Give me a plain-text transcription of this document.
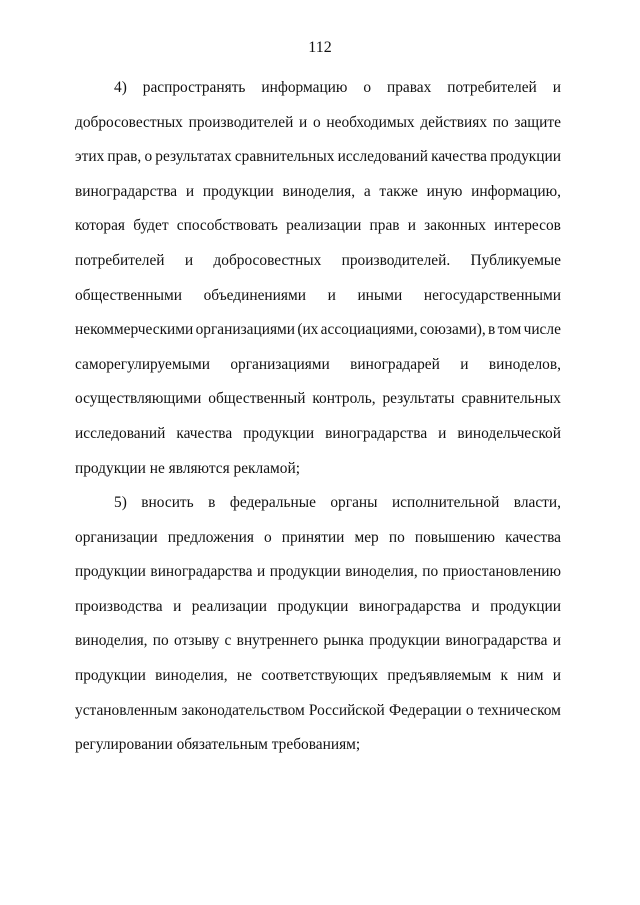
112
4) распространять информацию о правах потребителей и
добросовестных производителей и о необходимых действиях по защите
этих прав, о результатах сравнительных исследований качества продукции
виноградарства и продукции виноделия, а также иную информацию,
которая будет способствовать реализации прав и законных интересов
потребителей и добросовестных производителей. Публикуемые
общественными объединениями и иными негосударственными
некоммерческими организациями (их ассоциациями, союзами), в том числе
саморегулируемыми организациями виноградарей и виноделов,
осуществляющими общественный контроль, результаты сравнительных
исследований качества продукции виноградарства и винодельческой
продукции не являются рекламой;
5) вносить в федеральные органы исполнительной власти,
организации предложения о принятии мер по повышению качества
продукции виноградарства и продукции виноделия, по приостановлению
производства и реализации продукции виноградарства и продукции
виноделия, по отзыву с внутреннего рынка продукции виноградарства и
продукции виноделия, не соответствующих предъявляемым к ним и
установленным законодательством Российской Федерации о техническом
регулировании обязательным требованиям;
